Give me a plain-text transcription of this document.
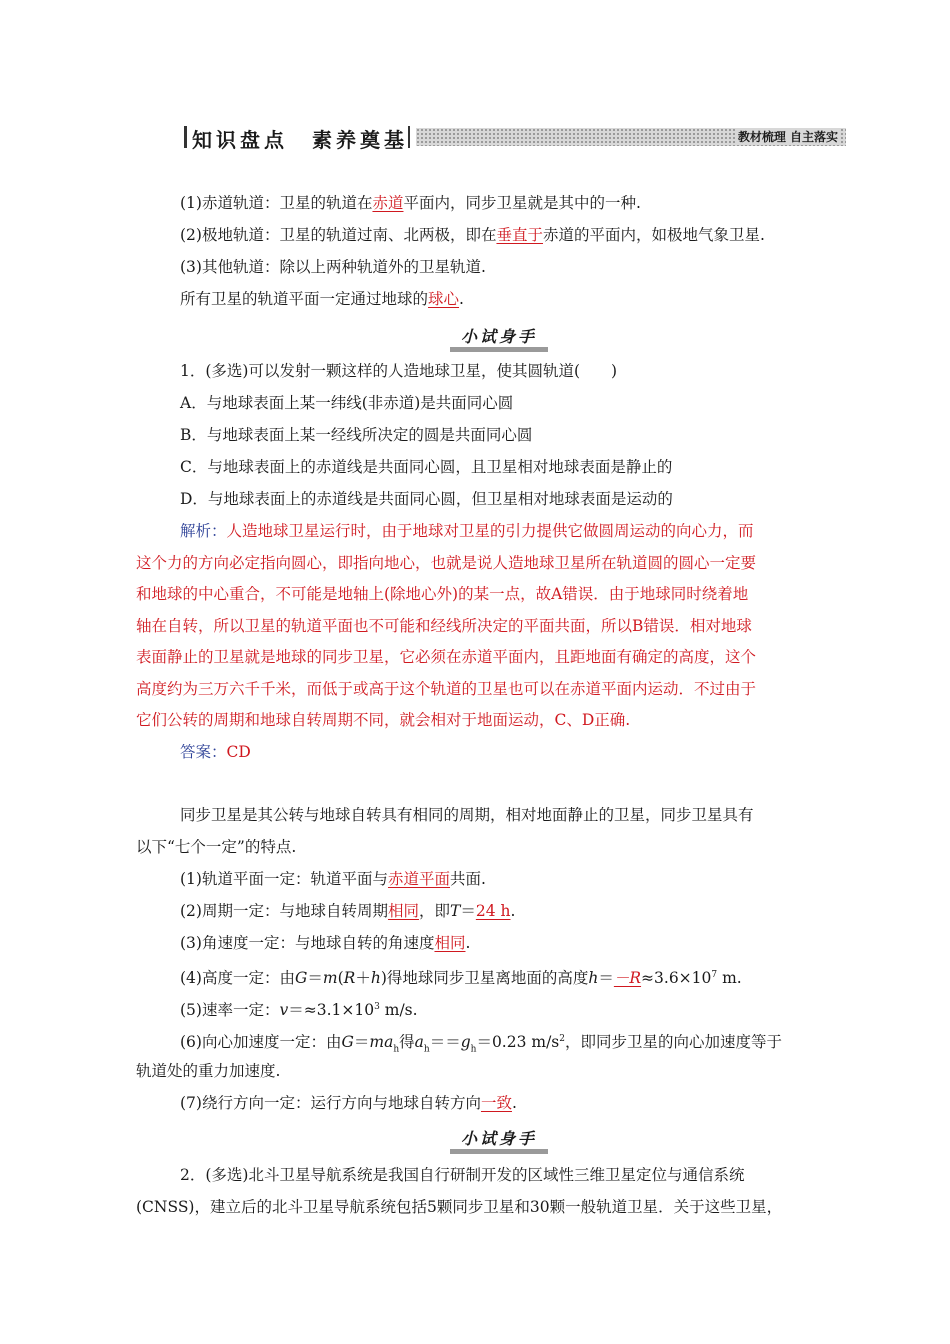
知识盘点　素养奠基	教材梳理 自主落实
(1)赤道轨道：卫星的轨道在赤道平面内，同步卫星就是其中的一种.
(2)极地轨道：卫星的轨道过南、北两极，即在垂直于赤道的平面内，如极地气象卫星.
(3)其他轨道：除以上两种轨道外的卫星轨道.
所有卫星的轨道平面一定通过地球的球心.
小试身手
1．(多选)可以发射一颗这样的人造地球卫星，使其圆轨道(　　)
A．与地球表面上某一纬线(非赤道)是共面同心圆
B．与地球表面上某一经线所决定的圆是共面同心圆
C．与地球表面上的赤道线是共面同心圆，且卫星相对地球表面是静止的
D．与地球表面上的赤道线是共面同心圆，但卫星相对地球表面是运动的
解析：人造地球卫星运行时，由于地球对卫星的引力提供它做圆周运动的向心力，而
这个力的方向必定指向圆心，即指向地心，也就是说人造地球卫星所在轨道圆的圆心一定要
和地球的中心重合，不可能是地轴上(除地心外)的某一点，故A错误．由于地球同时绕着地
轴在自转，所以卫星的轨道平面也不可能和经线所决定的平面共面，所以B错误．相对地球
表面静止的卫星就是地球的同步卫星，它必须在赤道平面内，且距地面有确定的高度，这个
高度约为三万六千千米，而低于或高于这个轨道的卫星也可以在赤道平面内运动．不过由于
它们公转的周期和地球自转周期不同，就会相对于地面运动，C、D正确.
答案：CD
同步卫星是其公转与地球自转具有相同的周期，相对地面静止的卫星，同步卫星具有
以下“七个一定”的特点.
(1)轨道平面一定：轨道平面与赤道平面共面.
(2)周期一定：与地球自转周期相同，即T＝24 h.
(3)角速度一定：与地球自转的角速度相同.
(4)高度一定：由G＝m(R＋h)得地球同步卫星离地面的高度$h=-R\approx 3.6\times 10^7$ m.
(5)速率一定：$v=\approx 3.1\times 10^3$ m/s.
(6)向心加速度一定：由$G=ma_h$得$a_h==g_h=0.23$ $m/s^2$，即同步卫星的向心加速度等于
轨道处的重力加速度.
(7)绕行方向一定：运行方向与地球自转方向一致.
小试身手
2．(多选)北斗卫星导航系统是我国自行研制开发的区域性三维卫星定位与通信系统
(CNSS)，建立后的北斗卫星导航系统包括5颗同步卫星和30颗一般轨道卫星．关于这些卫星，
